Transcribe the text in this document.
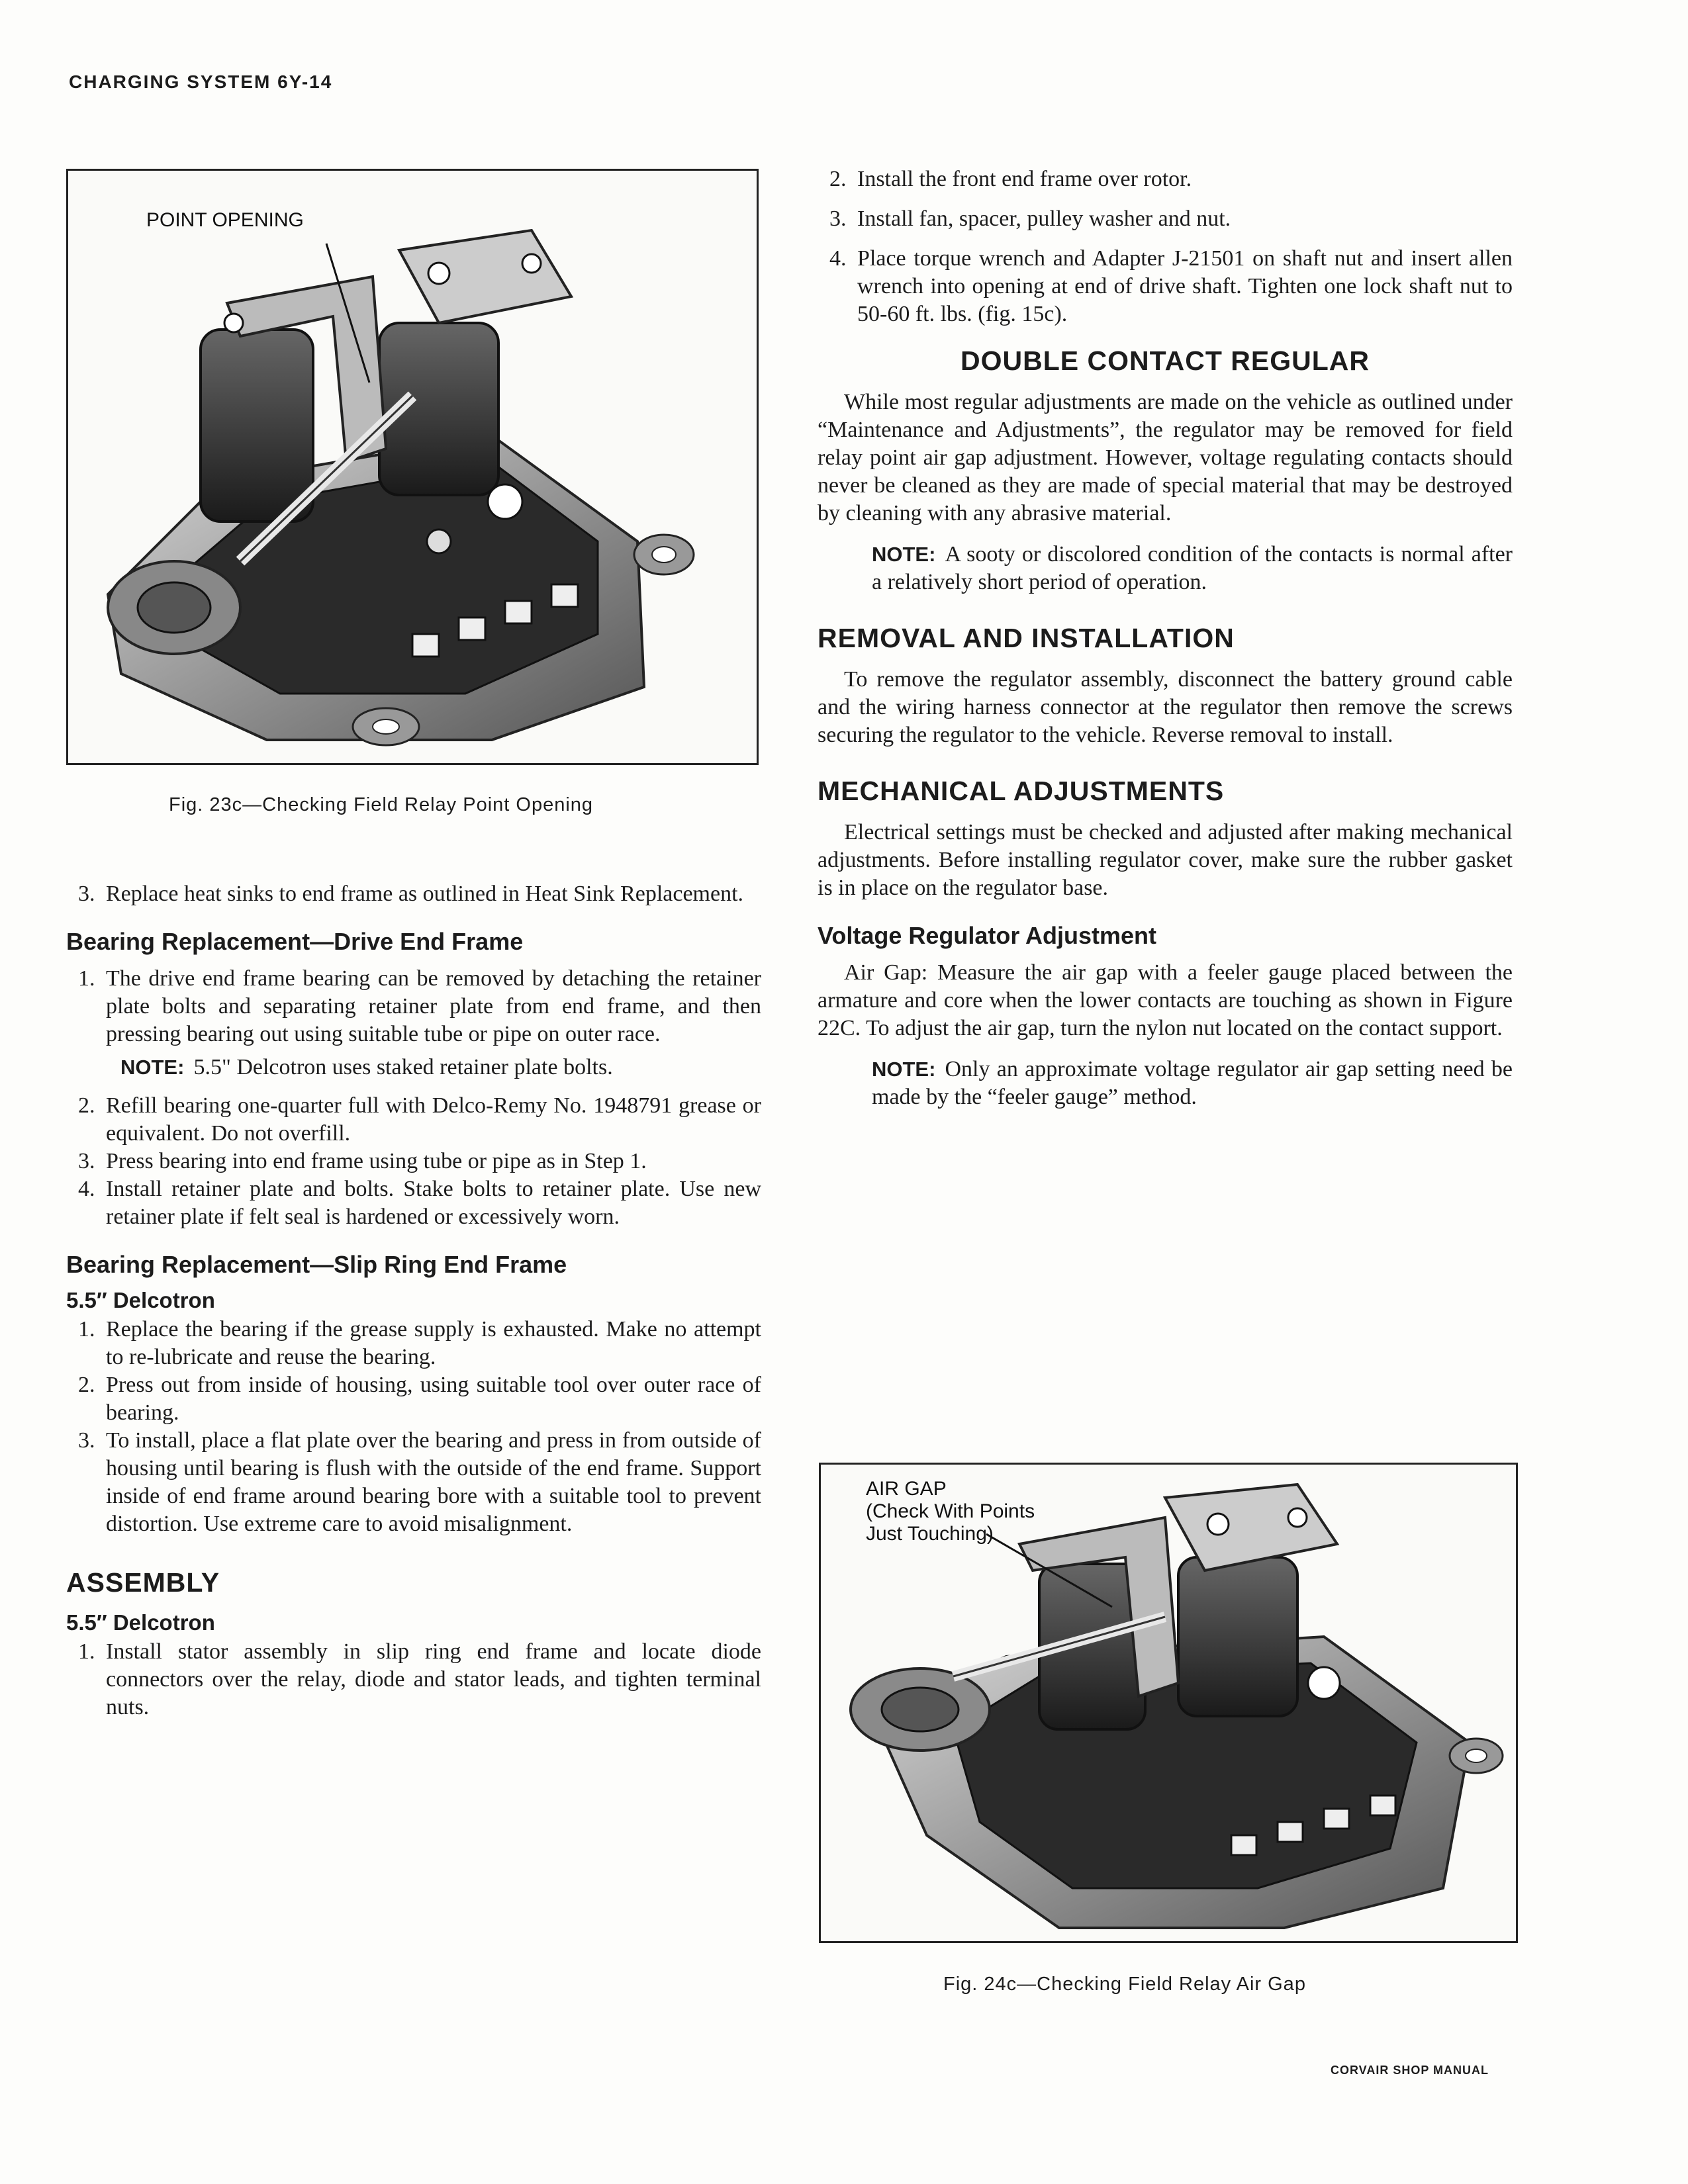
CHARGING SYSTEM 6Y-14
POINT OPENING
Fig. 23c—Checking Field Relay Point Opening
AIR GAP
(Check With Points
Just Touching)
Fig. 24c—Checking Field Relay Air Gap
3. Replace heat sinks to end frame as outlined in Heat Sink Replacement.
Bearing Replacement—Drive End Frame
1. The drive end frame bearing can be removed by detaching the retainer plate bolts and separating retainer plate from end frame, and then pressing bearing out using suitable tube or pipe on outer race.
NOTE: 5.5" Delcotron uses staked retainer plate bolts.
2. Refill bearing one-quarter full with Delco-Remy No. 1948791 grease or equivalent. Do not overfill.
3. Press bearing into end frame using tube or pipe as in Step 1.
4. Install retainer plate and bolts. Stake bolts to retainer plate. Use new retainer plate if felt seal is hardened or excessively worn.
Bearing Replacement—Slip Ring End Frame
5.5″ Delcotron
1. Replace the bearing if the grease supply is exhausted. Make no attempt to re-lubricate and reuse the bearing.
2. Press out from inside of housing, using suitable tool over outer race of bearing.
3. To install, place a flat plate over the bearing and press in from outside of housing until bearing is flush with the outside of the end frame. Support inside of end frame around bearing bore with a suitable tool to prevent distortion. Use extreme care to avoid misalignment.
ASSEMBLY
5.5″ Delcotron
1. Install stator assembly in slip ring end frame and locate diode connectors over the relay, diode and stator leads, and tighten terminal nuts.
2. Install the front end frame over rotor.
3. Install fan, spacer, pulley washer and nut.
4. Place torque wrench and Adapter J-21501 on shaft nut and insert allen wrench into opening at end of drive shaft. Tighten one lock shaft nut to 50-60 ft. lbs. (fig. 15c).
DOUBLE CONTACT REGULAR

While most regular adjustments are made on the vehicle as outlined under “Maintenance and Adjustments”, the regulator may be removed for field relay point air gap adjustment. However, voltage regulating contacts should never be cleaned as they are made of special material that may be destroyed by cleaning with any abrasive material.

NOTE: A sooty or discolored condition of the contacts is normal after a relatively short period of operation.
REMOVAL AND INSTALLATION

To remove the regulator assembly, disconnect the battery ground cable and the wiring harness connector at the regulator then remove the screws securing the regulator to the vehicle. Reverse removal to install.

MECHANICAL ADJUSTMENTS

Electrical settings must be checked and adjusted after making mechanical adjustments. Before installing regulator cover, make sure the rubber gasket is in place on the regulator base.

Voltage Regulator Adjustment

Air Gap: Measure the air gap with a feeler gauge placed between the armature and core when the lower contacts are touching as shown in Figure 22C. To adjust the air gap, turn the nylon nut located on the contact support.

NOTE: Only an approximate voltage regulator air gap setting need be made by the “feeler gauge” method.
CORVAIR SHOP MANUAL
